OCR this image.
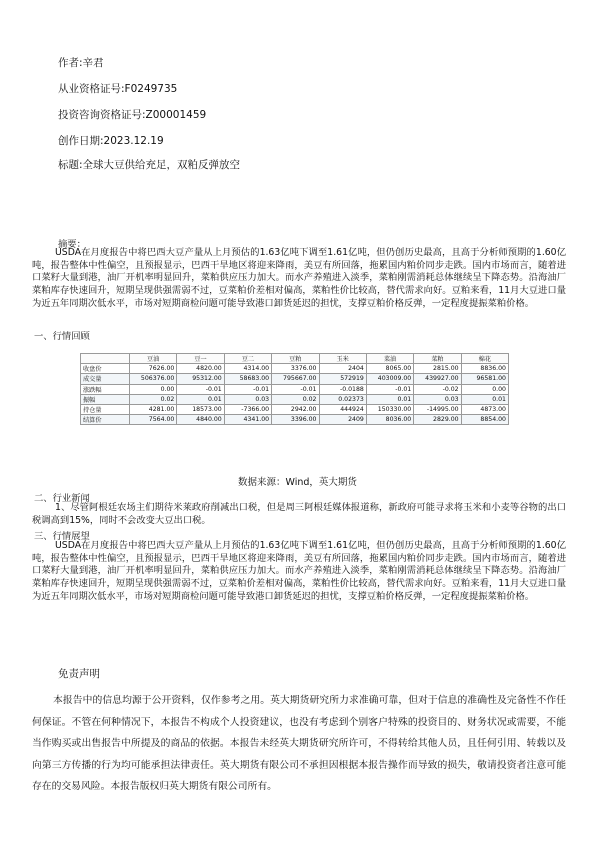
作者:辛君
从业资格证号:F0249735
投资咨询资格证号:Z00001459
创作日期:2023.12.19
标题:全球大豆供给充足，双粕反弹放空
摘要：

USDA在月度报告中将巴西大豆产量从上月预估的1.63亿吨下调至1.61亿吨，但仍创历史最高，且高于分析师预期的1.60亿吨，报告整体中性偏空，且预报显示，巴西干旱地区将迎来降雨，美豆有所回落，拖累国内粕价同步走跌。国内市场而言，随着进口菜籽大量到港，油厂开机率明显回升，菜粕供应压力加大。而水产养殖进入淡季，菜粕刚需消耗总体继续呈下降态势。沿海油厂菜粕库存快速回升，短期呈现供强需弱不过，豆菜粕价差相对偏高，菜粕性价比较高，替代需求向好。豆粕来看，11月大豆进口量为近五年同期次低水平，市场对短期商检问题可能导致港口卸货延迟的担忧，支撑豆粕价格反弹，一定程度提振菜粕价格。

一、行情回顾
	豆油	豆一	豆二	豆粕	玉米	菜油	菜粕	棉花
收盘价	7626.00	4820.00	4314.00	3376.00	2404	8065.00	2815.00	8836.00
成交量	506376.00	95312.00	58683.00	795667.00	572919	403009.00	439927.00	96581.00
涨跌幅	0.00	-0.01	-0.01	-0.01	-0.0188	-0.01	-0.02	0.00
振幅	0.02	0.01	0.03	0.02	0.02373	0.01	0.03	0.01
持仓量	4281.00	18573.00	-7366.00	2942.00	444924	150330.00	-14995.00	4873.00
结算价	7564.00	4840.00	4341.00	3396.00	2409	8036.00	2829.00	8854.00
数据来源：Wind，英大期货
二、行业新闻

1、尽管阿根廷农场主们期待米莱政府削减出口税，但是周三阿根廷媒体报道称，新政府可能寻求将玉米和小麦等谷物的出口税调高到15%，同时不会改变大豆出口税。

三、行情展望

USDA在月度报告中将巴西大豆产量从上月预估的1.63亿吨下调至1.61亿吨，但仍创历史最高，且高于分析师预期的1.60亿吨，报告整体中性偏空，且预报显示，巴西干旱地区将迎来降雨，美豆有所回落，拖累国内粕价同步走跌。国内市场而言，随着进口菜籽大量到港，油厂开机率明显回升，菜粕供应压力加大。而水产养殖进入淡季，菜粕刚需消耗总体继续呈下降态势。沿海油厂菜粕库存快速回升，短期呈现供强需弱不过，豆菜粕价差相对偏高，菜粕性价比较高，替代需求向好。豆粕来看，11月大豆进口量为近五年同期次低水平，市场对短期商检问题可能导致港口卸货延迟的担忧，支撑豆粕价格反弹，一定程度提振菜粕价格。

免责声明

本报告中的信息均源于公开资料，仅作参考之用。英大期货研究所力求准确可靠，但对于信息的准确性及完备性不作任何保证。不管在何种情况下，本报告不构成个人投资建议，也没有考虑到个别客户特殊的投资目的、财务状况或需要，不能当作购买或出售报告中所提及的商品的依据。本报告未经英大期货研究所许可，不得转给其他人员，且任何引用、转载以及向第三方传播的行为均可能承担法律责任。英大期货有限公司不承担因根据本报告操作而导致的损失，敬请投资者注意可能存在的交易风险。本报告版权归英大期货有限公司所有。
